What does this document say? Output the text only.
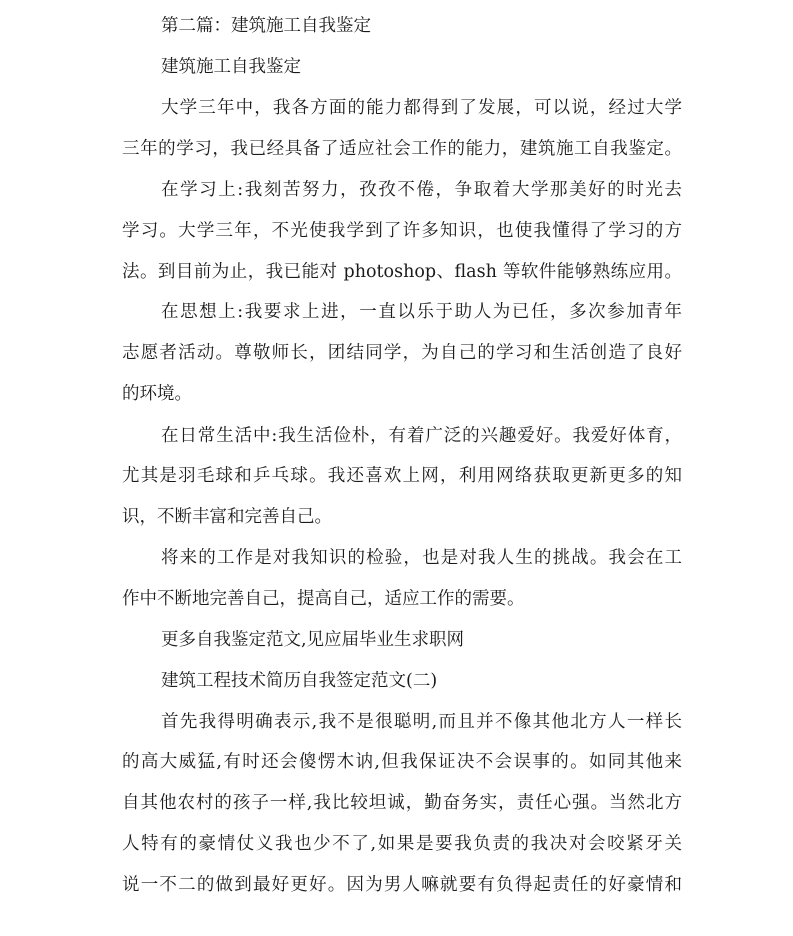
第二篇：建筑施工自我鉴定
建筑施工自我鉴定
大学三年中，我各方面的能力都得到了发展，可以说，经过大学
三年的学习，我已经具备了适应社会工作的能力，建筑施工自我鉴定。
在学习上:我刻苦努力，孜孜不倦，争取着大学那美好的时光去
学习。大学三年，不光使我学到了许多知识，也使我懂得了学习的方
法。到目前为止，我已能对 photoshop、flash 等软件能够熟练应用。
在思想上:我要求上进，一直以乐于助人为已任，多次参加青年
志愿者活动。尊敬师长，团结同学，为自己的学习和生活创造了良好
的环境。
在日常生活中:我生活俭朴，有着广泛的兴趣爱好。我爱好体育，
尤其是羽毛球和乒乓球。我还喜欢上网，利用网络获取更新更多的知
识，不断丰富和完善自己。
将来的工作是对我知识的检验，也是对我人生的挑战。我会在工
作中不断地完善自己，提高自己，适应工作的需要。
更多自我鉴定范文,见应届毕业生求职网
建筑工程技术简历自我签定范文(二)
首先我得明确表示,我不是很聪明,而且并不像其他北方人一样长
的高大威猛,有时还会傻愣木讷,但我保证决不会误事的。如同其他来
自其他农村的孩子一样,我比较坦诚，勤奋务实，责任心强。当然北方
人特有的豪情仗义我也少不了,如果是要我负责的我决对会咬紧牙关
说一不二的做到最好更好。因为男人嘛就要有负得起责任的好豪情和
